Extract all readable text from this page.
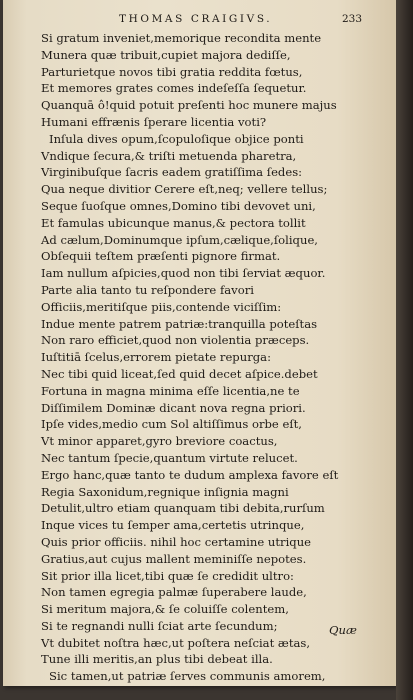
THOMAS CRAIGIVS.	233
Si gratum inveniet,memorique recondita mente
Munera quæ tribuit,cupiet majora dediſſe,
Parturietque novos tibi gratia reddita fœtus,
Et memores grates comes indeſeſſa ſequetur.
Quanquā ô!quid potuit preſenti hoc munere majus
Humani effrænis ſperare licentia voti?
Inſula dives opum,ſcopuloſique objice ponti
Vndique ſecura,& triſti metuenda pharetra,
Virginibuſque ſacris eadem gratiſſima ſedes:
Qua neque divitior Cerere eſt,neq; vellere tellus;
Seque ſuoſque omnes,Domino tibi devovet uni,
Et famulas ubicunque manus,& pectora tollit
Ad cælum,Dominumque ipſum,cælique,ſolique,
Obſequii teſtem præſenti pignore firmat.
Iam nullum aſpicies,quod non tibi ſerviat æquor.
Parte alia tanto tu reſpondere favori
Officiis,meritiſque piis,contende viciſſim:
Indue mente patrem patriæ:tranquilla poteſtas
Non raro efficiet,quod non violentia præceps.
Iuſtitiā ſcelus,errorem pietate repurga:
Nec tibi quid liceat,ſed quid decet aſpice.debet
Fortuna in magna minima eſſe licentia,ne te
Diſſimilem Dominæ dicant nova regna priori.
Ipſe vides,medio cum Sol altiſſimus orbe eſt,
Vt minor apparet,gyro breviore coactus,
Nec tantum ſpecie,quantum virtute relucet.
Ergo hanc,quæ tanto te dudum amplexa favore eſt
Regia Saxonidum,regnique inſignia magni
Detulit,ultro etiam quanquam tibi debita,rurſum
Inque vices tu ſemper ama,certetis utrinque,
Quis prior officiis. nihil hoc certamine utrique
Gratius,aut cujus mallent meminiſſe nepotes.
Sit prior illa licet,tibi quæ ſe credidit ultro:
Non tamen egregia palmæ ſuperabere laude,
Si meritum majora,& ſe coluiſſe colentem,
Si te regnandi nulli ſciat arte ſecundum;
Vt dubitet noſtra hæc,ut poſtera neſciat ætas,
Tune illi meritis,an plus tibi debeat illa.
Sic tamen,ut patriæ ſerves communis amorem,
Quæ
